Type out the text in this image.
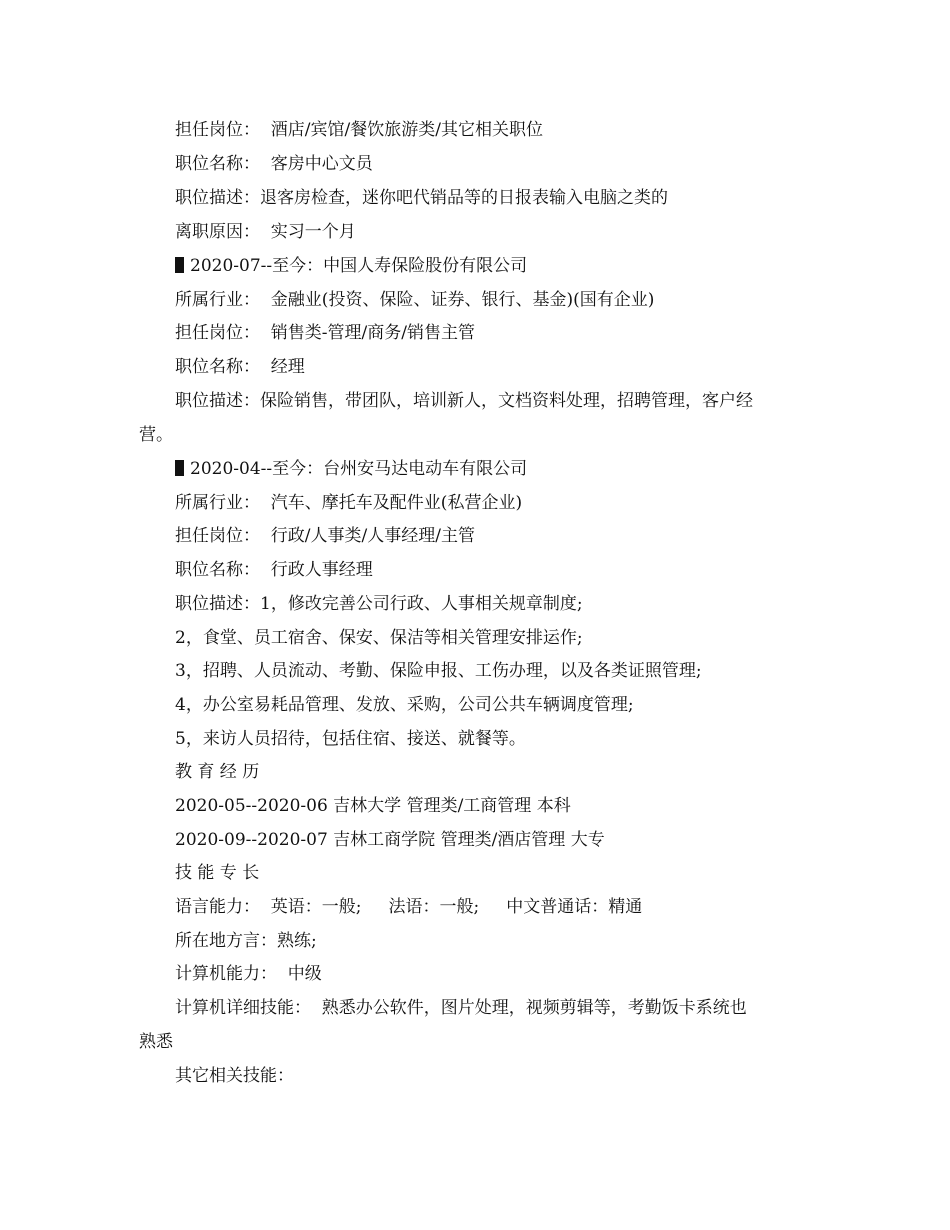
担任岗位：  酒店/宾馆/餐饮旅游类/其它相关职位
职位名称：  客房中心文员
职位描述：退客房检查，迷你吧代销品等的日报表输入电脑之类的
离职原因：  实习一个月
2020-07--至今：中国人寿保险股份有限公司
所属行业：  金融业(投资、保险、证券、银行、基金)(国有企业)
担任岗位：  销售类-管理/商务/销售主管
职位名称：  经理
职位描述：保险销售，带团队，培训新人，文档资料处理，招聘管理，客户经
营。
2020-04--至今：台州安马达电动车有限公司
所属行业：  汽车、摩托车及配件业(私营企业)
担任岗位：  行政/人事类/人事经理/主管
职位名称：  行政人事经理
职位描述：1，修改完善公司行政、人事相关规章制度;
2，食堂、员工宿舍、保安、保洁等相关管理安排运作;
3，招聘、人员流动、考勤、保险申报、工伤办理，以及各类证照管理;
4，办公室易耗品管理、发放、采购，公司公共车辆调度管理;
5，来访人员招待，包括住宿、接送、就餐等。
教 育 经 历
2020-05--2020-06 吉林大学 管理类/工商管理 本科
2020-09--2020-07 吉林工商学院 管理类/酒店管理 大专
技 能 专 长
语言能力：  英语：一般;     法语：一般;     中文普通话：精通
所在地方言：熟练;
计算机能力：  中级
计算机详细技能：  熟悉办公软件，图片处理，视频剪辑等，考勤饭卡系统也
熟悉
其它相关技能：
